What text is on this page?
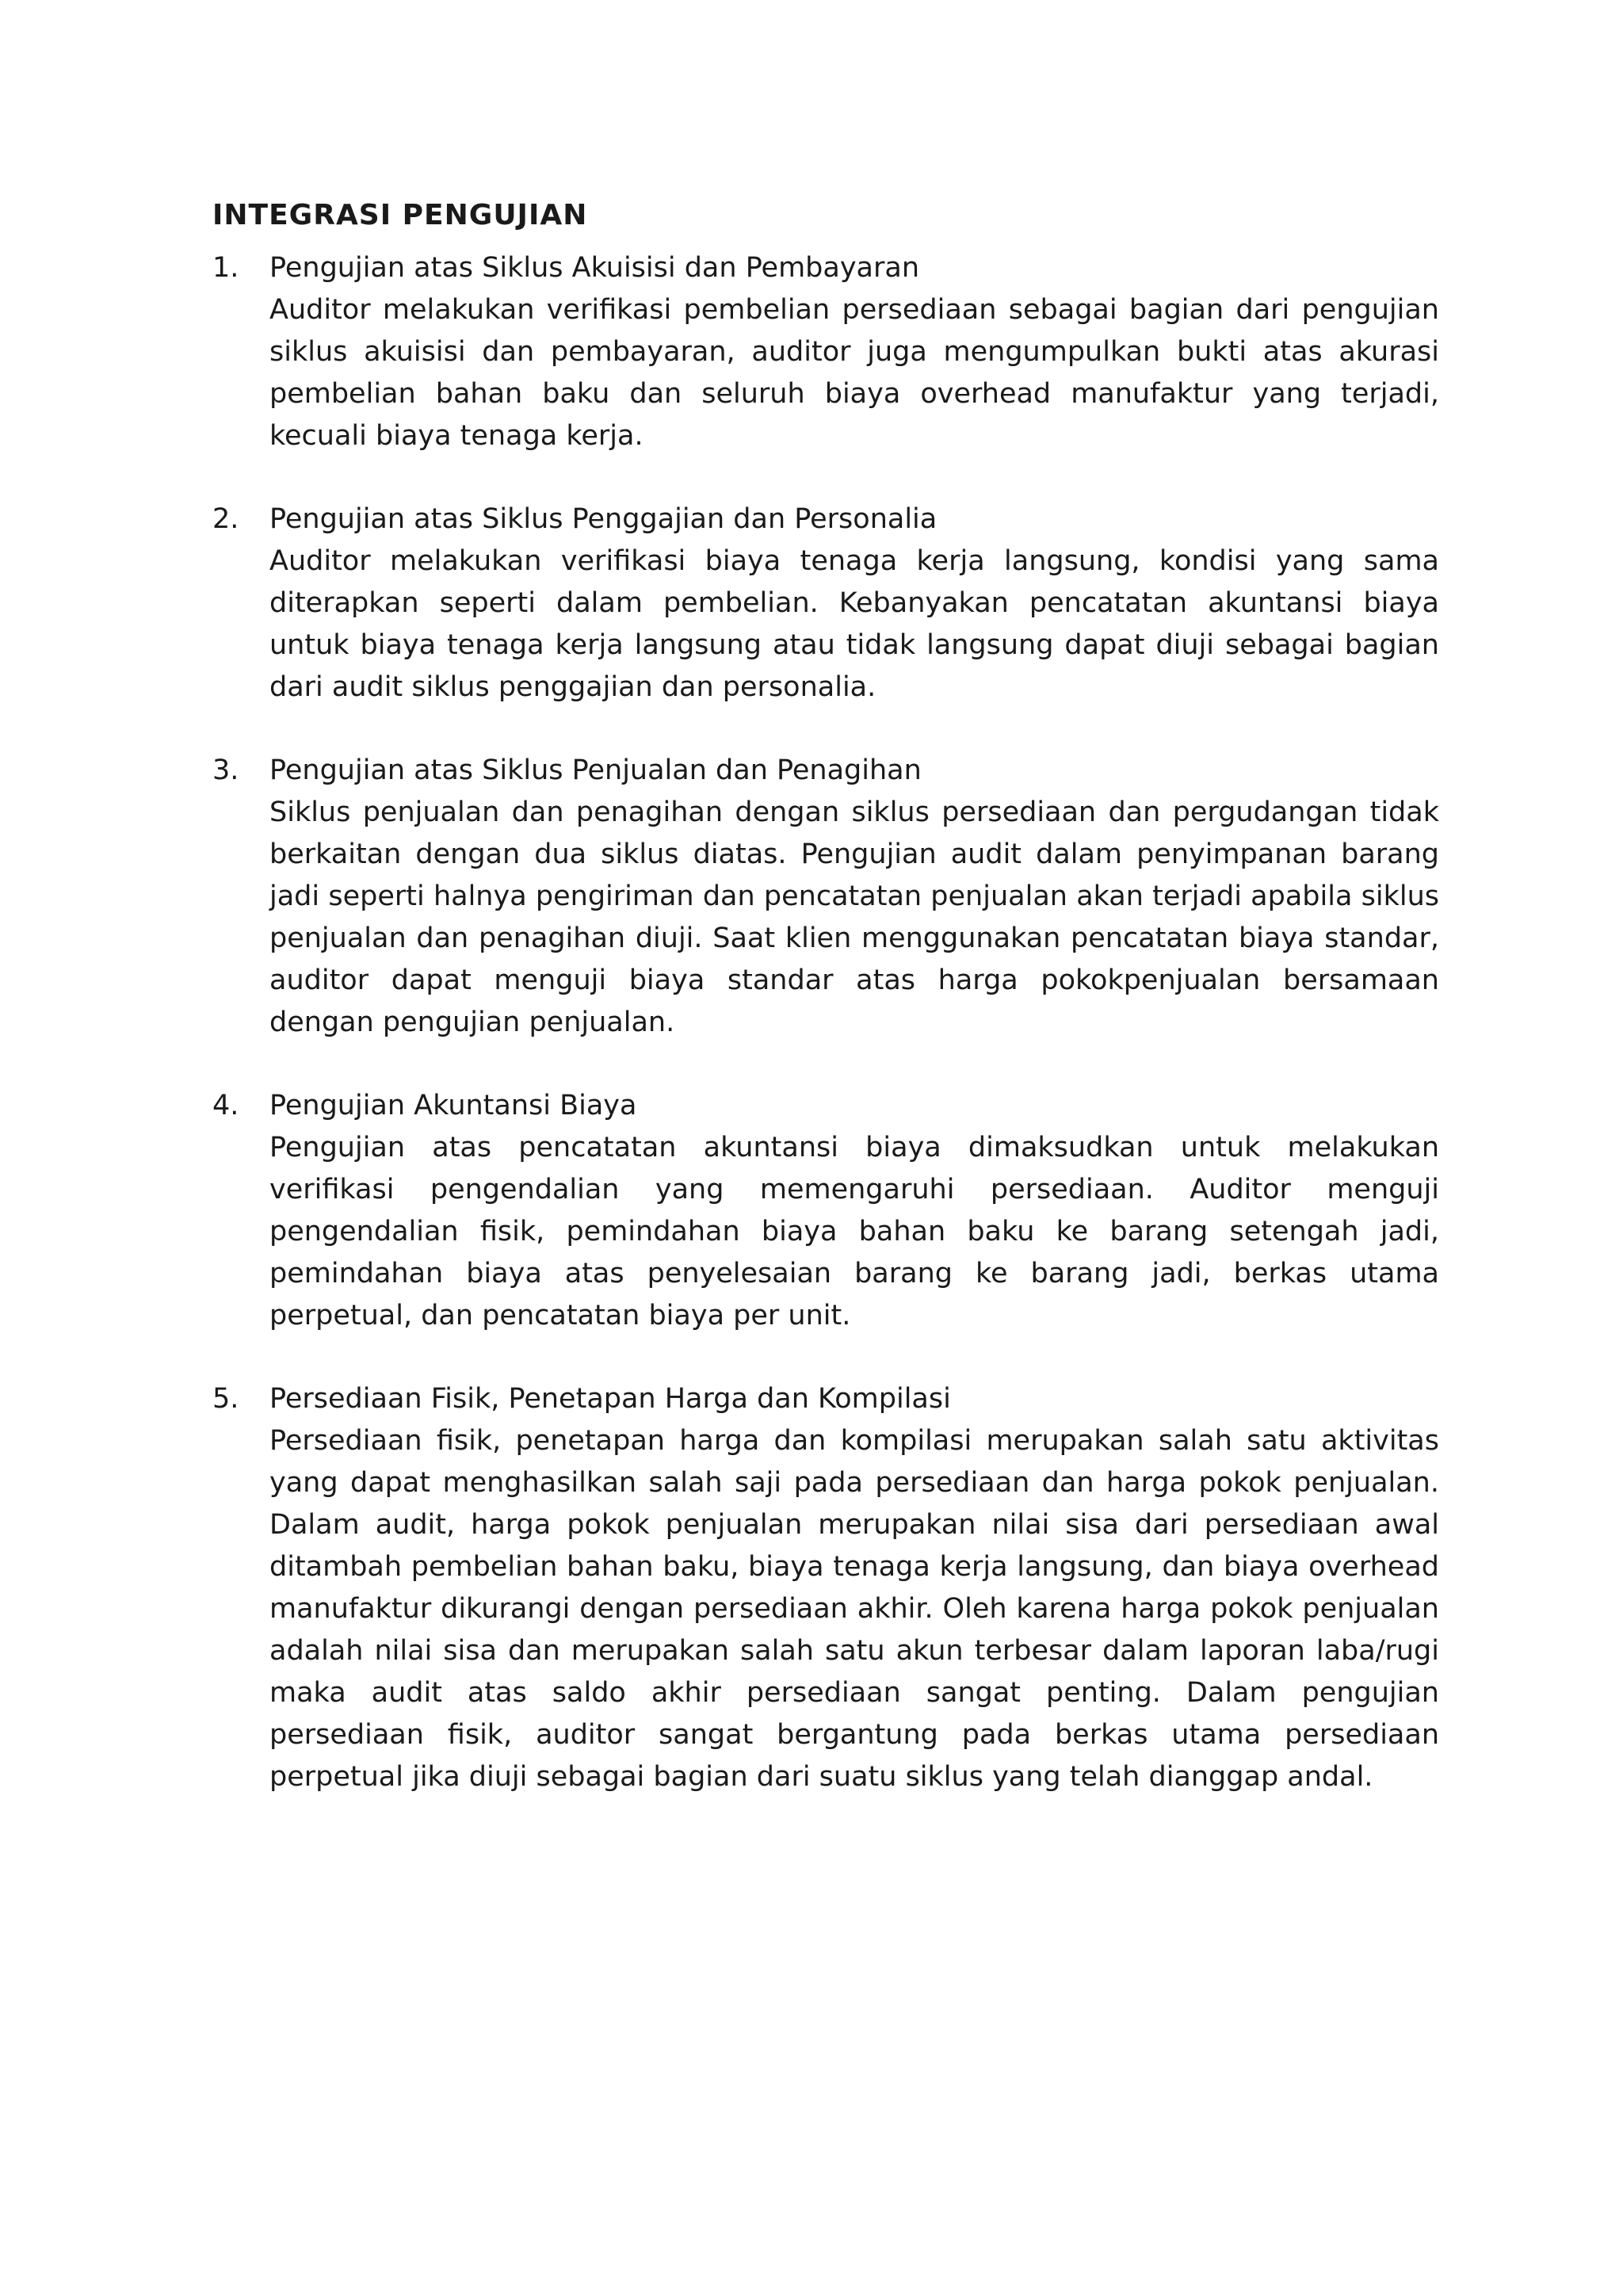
INTEGRASI PENGUJIAN
1. Pengujian atas Siklus Akuisisi dan Pembayaran

Auditor melakukan verifikasi pembelian persediaan sebagai bagian dari pengujian siklus akuisisi dan pembayaran, auditor juga mengumpulkan bukti atas akurasi pembelian bahan baku dan seluruh biaya overhead manufaktur yang terjadi, kecuali biaya tenaga kerja.

2. Pengujian atas Siklus Penggajian dan Personalia

Auditor melakukan verifikasi biaya tenaga kerja langsung, kondisi yang sama diterapkan seperti dalam pembelian. Kebanyakan pencatatan akuntansi biaya untuk biaya tenaga kerja langsung atau tidak langsung dapat diuji sebagai bagian dari audit siklus penggajian dan personalia.

3. Pengujian atas Siklus Penjualan dan Penagihan

Siklus penjualan dan penagihan dengan siklus persediaan dan pergudangan tidak berkaitan dengan dua siklus diatas. Pengujian audit dalam penyimpanan barang jadi seperti halnya pengiriman dan pencatatan penjualan akan terjadi apabila siklus penjualan dan penagihan diuji. Saat klien menggunakan pencatatan biaya standar, auditor dapat menguji biaya standar atas harga pokokpenjualan bersamaan dengan pengujian penjualan.

4. Pengujian Akuntansi Biaya

Pengujian atas pencatatan akuntansi biaya dimaksudkan untuk melakukan verifikasi pengendalian yang memengaruhi persediaan. Auditor menguji pengendalian fisik, pemindahan biaya bahan baku ke barang setengah jadi, pemindahan biaya atas penyelesaian barang ke barang jadi, berkas utama perpetual, dan pencatatan biaya per unit.

5. Persediaan Fisik, Penetapan Harga dan Kompilasi

Persediaan fisik, penetapan harga dan kompilasi merupakan salah satu aktivitas yang dapat menghasilkan salah saji pada persediaan dan harga pokok penjualan. Dalam audit, harga pokok penjualan merupakan nilai sisa dari persediaan awal ditambah pembelian bahan baku, biaya tenaga kerja langsung, dan biaya overhead manufaktur dikurangi dengan persediaan akhir. Oleh karena harga pokok penjualan adalah nilai sisa dan merupakan salah satu akun terbesar dalam laporan laba/rugi maka audit atas saldo akhir persediaan sangat penting. Dalam pengujian persediaan fisik, auditor sangat bergantung pada berkas utama persediaan perpetual jika diuji sebagai bagian dari suatu siklus yang telah dianggap andal.
